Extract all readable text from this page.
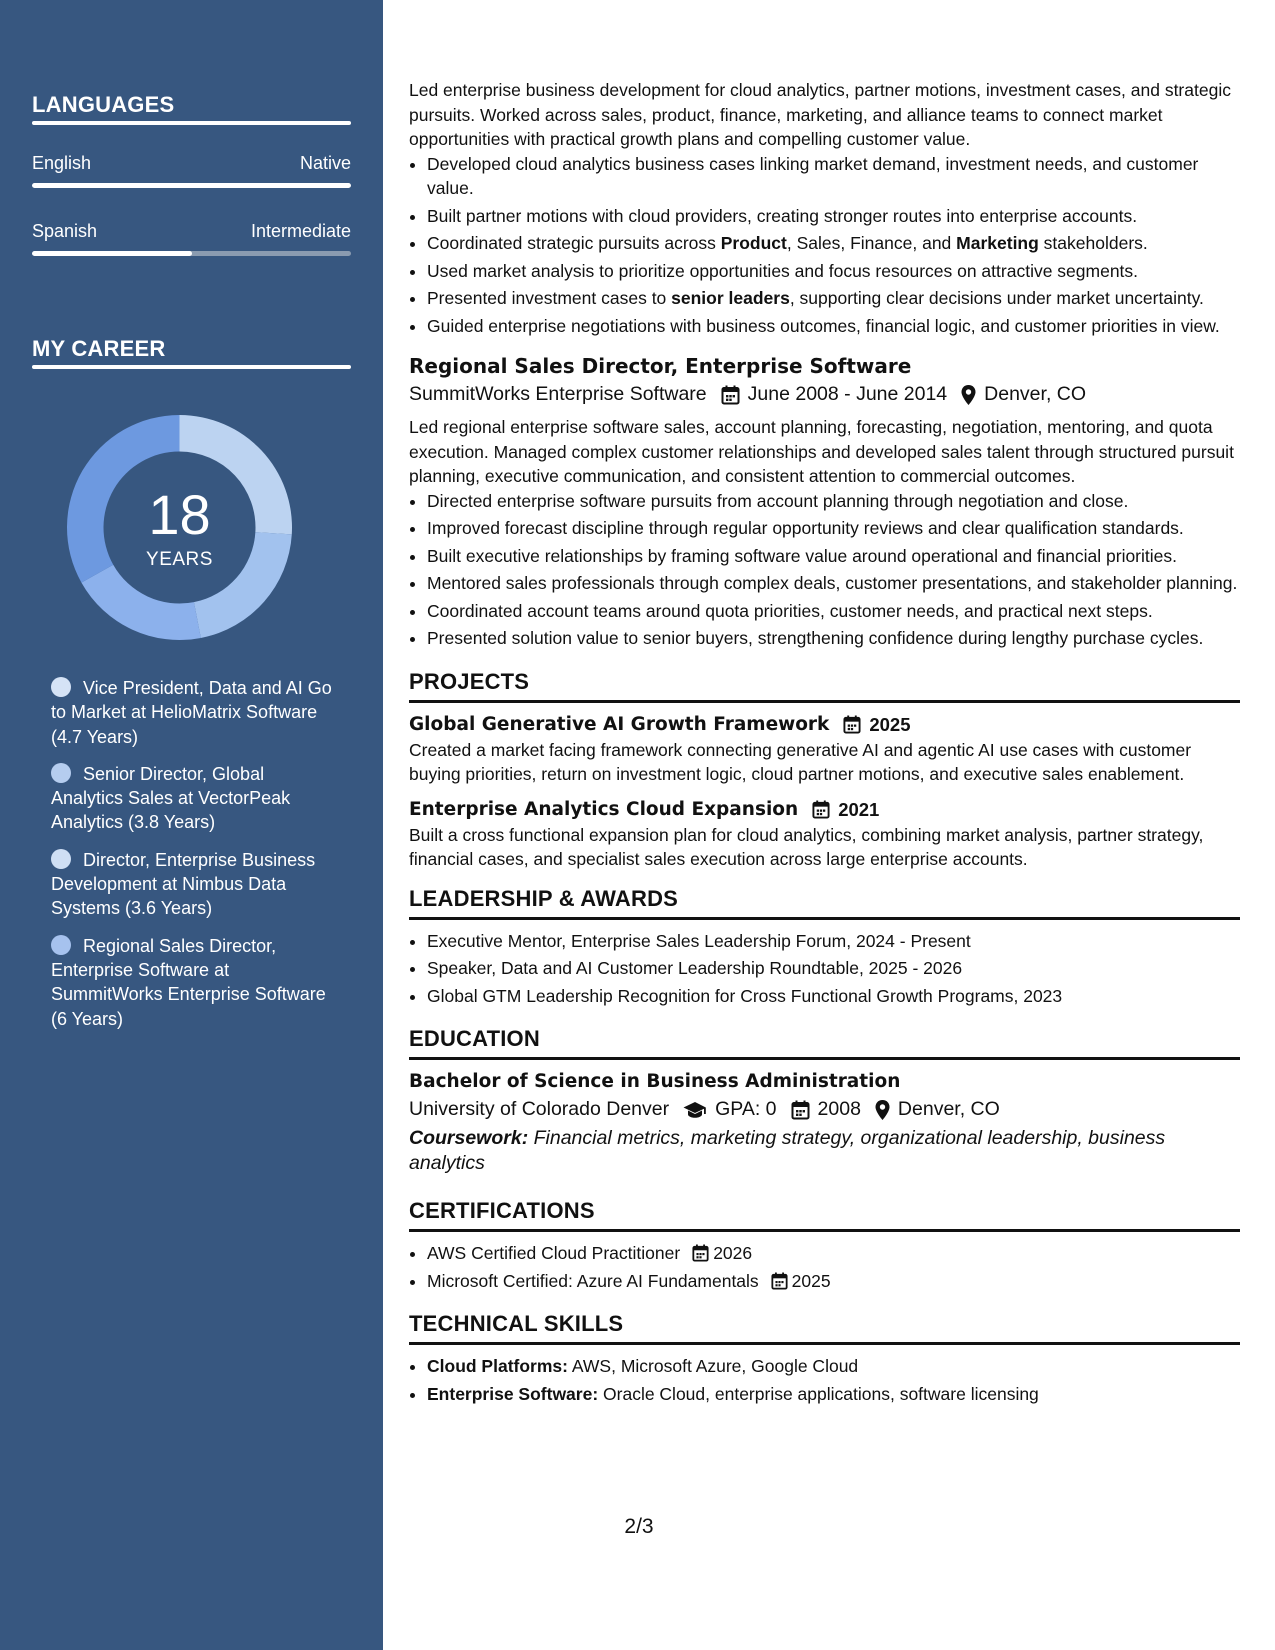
LANGUAGES
English	Native
Spanish	Intermediate
MY CAREER
18
YEARS
Vice President, Data and AI Go to Market at HelioMatrix Software (4.7 Years)
Senior Director, Global Analytics Sales at VectorPeak Analytics (3.8 Years)
Director, Enterprise Business Development at Nimbus Data Systems (3.6 Years)
Regional Sales Director, Enterprise Software at SummitWorks Enterprise Software (6 Years)

Led enterprise business development for cloud analytics, partner motions, investment cases, and strategic pursuits. Worked across sales, product, finance, marketing, and alliance teams to connect market opportunities with practical growth plans and compelling customer value.

• Developed cloud analytics business cases linking market demand, investment needs, and customer value.
• Built partner motions with cloud providers, creating stronger routes into enterprise accounts.
• Coordinated strategic pursuits across Product, Sales, Finance, and Marketing stakeholders.
• Used market analysis to prioritize opportunities and focus resources on attractive segments.
• Presented investment cases to senior leaders, supporting clear decisions under market uncertainty.
• Guided enterprise negotiations with business outcomes, financial logic, and customer priorities in view.
Regional Sales Director, Enterprise Software
SummitWorks Enterprise Software June 2008 - June 2014 Denver, CO

Led regional enterprise software sales, account planning, forecasting, negotiation, mentoring, and quota execution. Managed complex customer relationships and developed sales talent through structured pursuit planning, executive communication, and consistent attention to commercial outcomes.

• Directed enterprise software pursuits from account planning through negotiation and close.
• Improved forecast discipline through regular opportunity reviews and clear qualification standards.
• Built executive relationships by framing software value around operational and financial priorities.
• Mentored sales professionals through complex deals, customer presentations, and stakeholder planning.
• Coordinated account teams around quota priorities, customer needs, and practical next steps.
• Presented solution value to senior buyers, strengthening confidence during lengthy purchase cycles.
PROJECTS
Global Generative AI Growth Framework 2025

Created a market facing framework connecting generative AI and agentic AI use cases with customer buying priorities, return on investment logic, cloud partner motions, and executive sales enablement.

Enterprise Analytics Cloud Expansion 2021

Built a cross functional expansion plan for cloud analytics, combining market analysis, partner strategy, financial cases, and specialist sales execution across large enterprise accounts.

LEADERSHIP & AWARDS
• Executive Mentor, Enterprise Sales Leadership Forum, 2024 - Present
• Speaker, Data and AI Customer Leadership Roundtable, 2025 - 2026
• Global GTM Leadership Recognition for Cross Functional Growth Programs, 2023
EDUCATION
Bachelor of Science in Business Administration
University of Colorado Denver GPA: 0 2008 Denver, CO
Coursework: Financial metrics, marketing strategy, organizational leadership, business analytics
CERTIFICATIONS
• AWS Certified Cloud Practitioner 2026
• Microsoft Certified: Azure AI Fundamentals 2025
TECHNICAL SKILLS
• Cloud Platforms: AWS, Microsoft Azure, Google Cloud
• Enterprise Software: Oracle Cloud, enterprise applications, software licensing
2/3
